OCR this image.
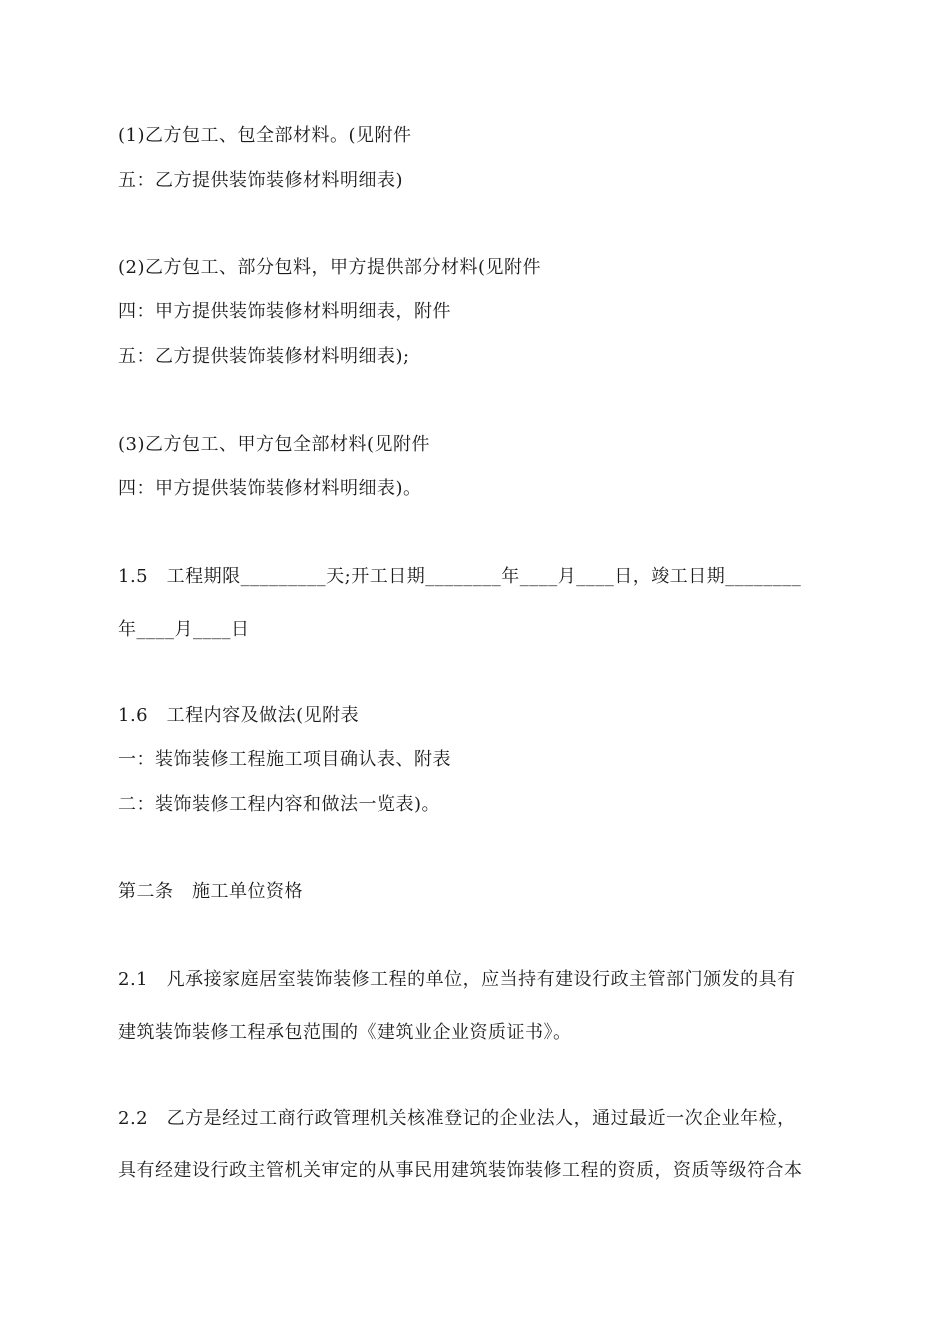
(1)乙方包工、包全部材料。(见附件
五：乙方提供装饰装修材料明细表)
(2)乙方包工、部分包料，甲方提供部分材料(见附件
四：甲方提供装饰装修材料明细表，附件
五：乙方提供装饰装修材料明细表);
(3)乙方包工、甲方包全部材料(见附件
四：甲方提供装饰装修材料明细表)。
1.5　工程期限_________天;开工日期________年____月____日，竣工日期________
年____月____日
1.6　工程内容及做法(见附表
一：装饰装修工程施工项目确认表、附表
二：装饰装修工程内容和做法一览表)。
第二条　施工单位资格
2.1　凡承接家庭居室装饰装修工程的单位，应当持有建设行政主管部门颁发的具有
建筑装饰装修工程承包范围的《建筑业企业资质证书》。
2.2　乙方是经过工商行政管理机关核准登记的企业法人，通过最近一次企业年检，
具有经建设行政主管机关审定的从事民用建筑装饰装修工程的资质，资质等级符合本
